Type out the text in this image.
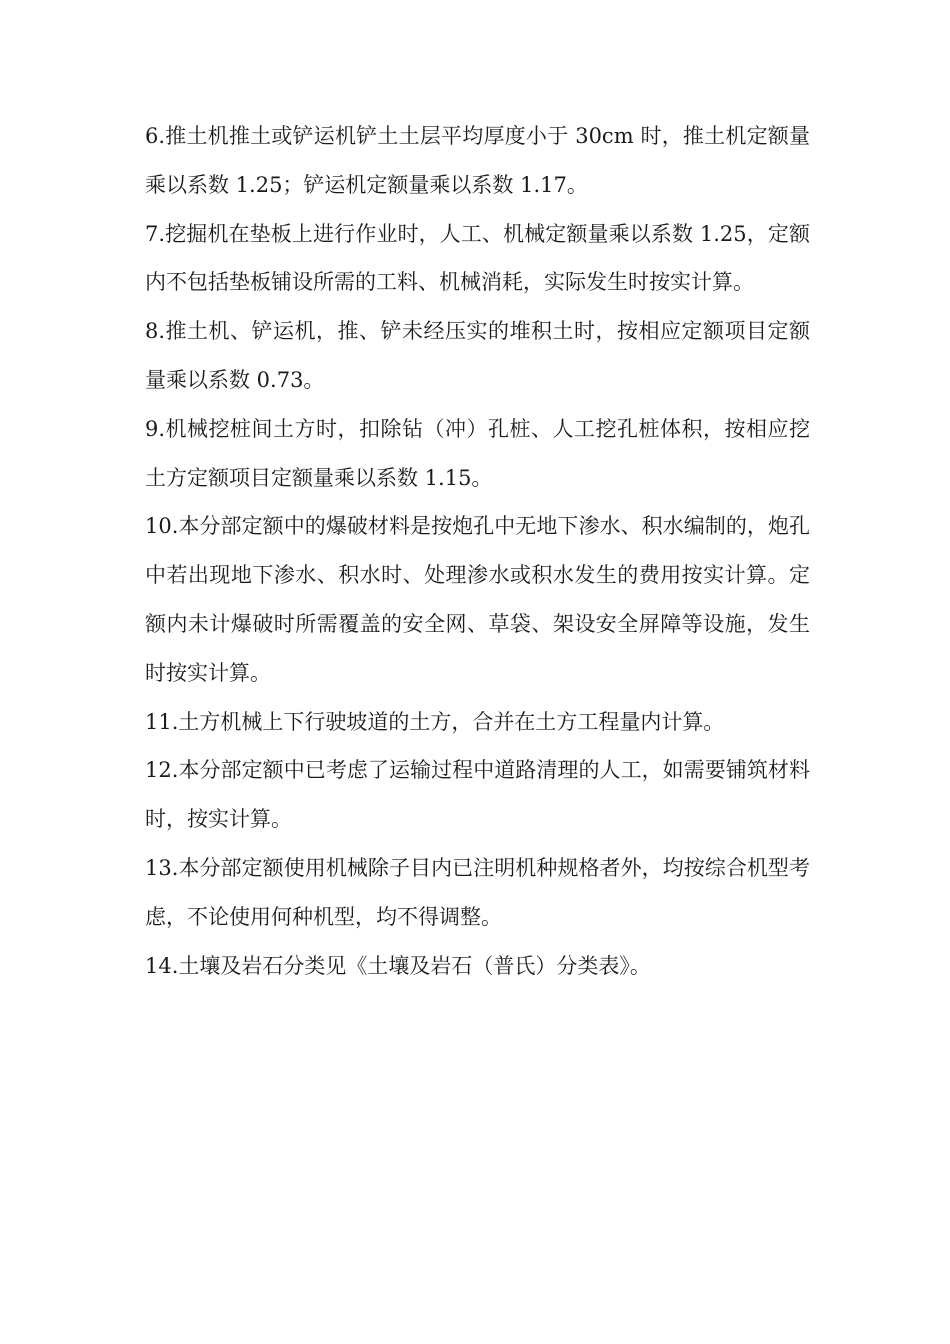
6.推土机推土或铲运机铲土土层平均厚度小于 30cm 时，推土机定额量乘以系数 1.25；铲运机定额量乘以系数 1.17。

7.挖掘机在垫板上进行作业时，人工、机械定额量乘以系数 1.25，定额内不包括垫板铺设所需的工料、机械消耗，实际发生时按实计算。

8.推土机、铲运机，推、铲未经压实的堆积土时，按相应定额项目定额量乘以系数 0.73。

9.机械挖桩间土方时，扣除钻（冲）孔桩、人工挖孔桩体积，按相应挖土方定额项目定额量乘以系数 1.15。

10.本分部定额中的爆破材料是按炮孔中无地下渗水、积水编制的，炮孔中若出现地下渗水、积水时、处理渗水或积水发生的费用按实计算。定额内未计爆破时所需覆盖的安全网、草袋、架设安全屏障等设施，发生时按实计算。

11.土方机械上下行驶坡道的土方，合并在土方工程量内计算。

12.本分部定额中已考虑了运输过程中道路清理的人工，如需要铺筑材料时，按实计算。

13.本分部定额使用机械除子目内已注明机种规格者外，均按综合机型考虑，不论使用何种机型，均不得调整。

14.土壤及岩石分类见《土壤及岩石（普氏）分类表》。
